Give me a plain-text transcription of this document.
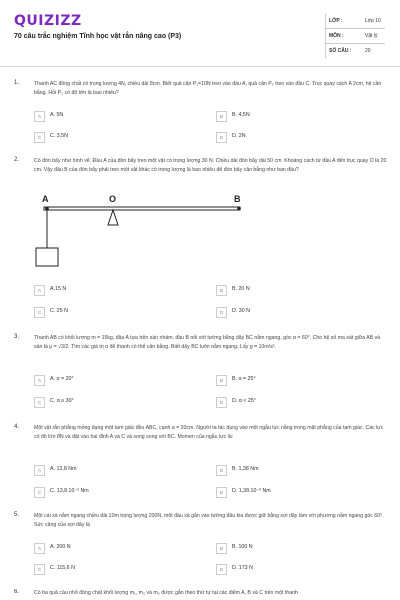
QUIZIZZ
70 câu trắc nghiệm Tĩnh học vật rắn nâng cao (P3)
LỚP :	Lớp 10
MÔN :	Vật lý
SỐ CÂU :	20
1.	Thanh AC đồng chất có trọng lượng 4N, chiều dài 8cm. Biết quả cân P₁=10N treo vào đầu A, quả cân P₂ treo vào đầu C. Trục quay cách A 2cm, hệ cân bằng. Hỏi P₂ có độ lớn là bao nhiêu?
A	A. 5N	B	B. 4,5N
C	C. 3,5N	D	D. 2N
2.	Có đòn bẩy như hình vẽ. Đầu A của đòn bẩy treo một vật có trọng lượng 30 N. Chiều dài đòn bẩy dài 50 cm. Khoảng cách từ đầu A đến trục quay O là 20 cm. Vậy đầu B của đòn bẩy phải treo một vật khác có trọng lượng là bao nhiêu để đòn bẩy cân bằng như ban đầu?
A	O	B
A	A.15 N	B	B. 20 N
C	C. 25 N	D	D. 30 N
3.	Thanh AB có khối lượng m = 15kg, đầu A tựa trên sàn nhám, đầu B nối với tường bằng dây BC nằm ngang, góc α = 60°. Cho hệ số ma sát giữa AB và sàn là μ = √3/2. Tìm các giá trị α để thanh có thể cân bằng. Biết dây BC luôn nằm ngang. Lấy g = 10m/s².
A	A. α = 20°	B	B. α = 25°
C	C. α ≥ 30°	D	D. α < 25°
4.	Một vật rắn phẳng mỏng dạng một tam giác đều ABC, cạnh a = 20cm. Người ta tác dụng vào một ngẫu lực nằng trong mặt phẳng của tam giác. Các lực có độ lớn 8N và đặt vào hai đỉnh A và C và song song với BC. Momen của ngẫu lực là:
A	A. 13,8 Nm	B	B. 1,38 Nm
C	C. 13,8.10⁻² Nm	D	D. 1,38.10⁻³ Nm
5.	Một cái xà nằm ngang chiều dài 10m trọng lượng 200N, một đầu xà gắn vào tường đầu kia được giữ bằng sợi dây làm với phương nằm ngang góc 60⁰. Sức căng của sợi dây là
A	A. 200 N	B	B. 100 N
C	C. 115,6 N	D	D. 173 N
6.	Có ba quả cầu nhỏ đồng chất khối lượng m₁, m₂ và m₃ được gắn theo thứ tự tại các điểm A, B và C trên một thanh
